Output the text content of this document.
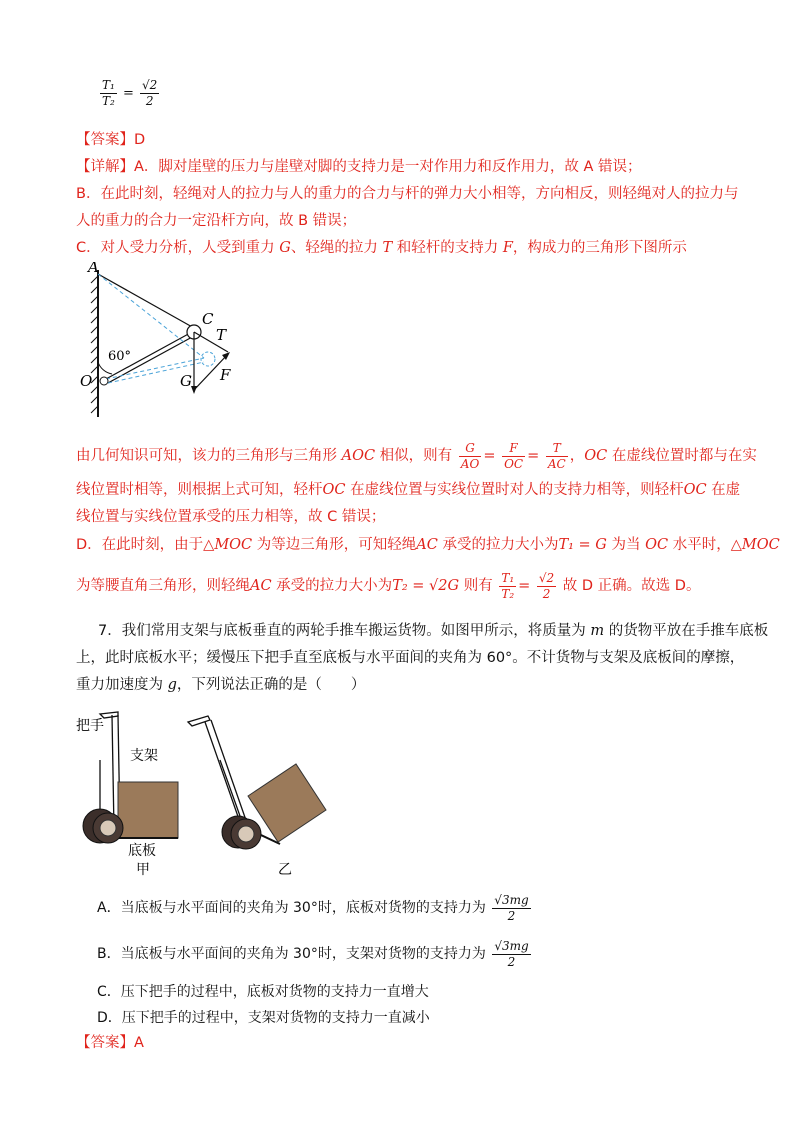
$\frac{\text{T₁}}{\text{T₂}} = \frac{√2}{2}$
【答案】D
【详解】A．脚对崖壁的压力与崖壁对脚的支持力是一对作用力和反作用力，故 A 错误；
B．在此时刻，轻绳对人的拉力与人的重力的合力与杆的弹力大小相等，方向相反，则轻绳对人的拉力与
人的重力的合力一定沿杆方向，故 B 错误；
C．对人受力分析，人受到重力 G、轻绳的拉力 T 和轻杆的支持力 F，构成力的三角形下图所示
A
C
T
G F
O
60°
由几何知识可知，该力的三角形与三角形 AOC 相似，则有 $\frac{G}{AO} = \frac{F}{OC} = \frac{T}{AC}$ ，OC 在虚线位置时都与在实
线位置时相等，则根据上式可知，轻杆OC 在虚线位置与实线位置时对人的支持力相等，则轻杆OC 在虚
线位置与实线位置承受的压力相等，故 C 错误；
D．在此时刻，由于△MOC 为等边三角形，可知轻绳AC 承受的拉力大小为T₁ = G 为当 OC 水平时，△MOC
为等腰直角三角形，则轻绳AC 承受的拉力大小为T₂ = √2G 则有 $\frac{\text{T₁}}{\text{T₂}} = \frac{√2}{2}$ 故 D 正确。故选 D。
7．我们常用支架与底板垂直的两轮手推车搬运货物。如图甲所示，将质量为 m 的货物平放在手推车底板
上，此时底板水平；缓慢压下把手直至底板与水平面间的夹角为 60°。不计货物与支架及底板间的摩擦，
重力加速度为 g，下列说法正确的是（　　）
把手
支架
底板
甲	乙
A．当底板与水平面间的夹角为 30°时，底板对货物的支持力为 $\frac{√3mg}{2}$
B．当底板与水平面间的夹角为 30°时，支架对货物的支持力为 $\frac{√3mg}{2}$
C．压下把手的过程中，底板对货物的支持力一直增大
D．压下把手的过程中，支架对货物的支持力一直减小
【答案】A
